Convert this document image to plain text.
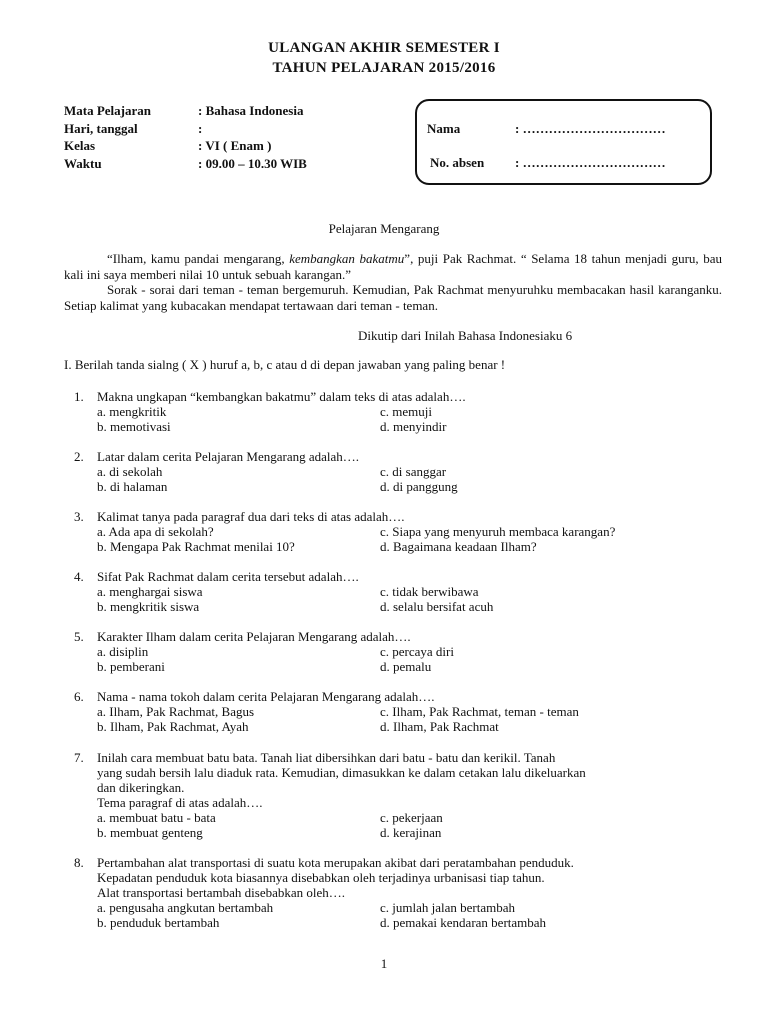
ULANGAN AKHIR SEMESTER I
TAHUN PELAJARAN 2015/2016
Mata Pelajaran	: Bahasa Indonesia
Hari, tanggal	:
Kelas	: VI ( Enam )
Waktu	: 09.00 – 10.30 WIB
Nama	: ……………………………
No. absen	: ……………………………
Pelajaran Mengarang

“Ilham, kamu pandai mengarang, kembangkan bakatmu”, puji Pak Rachmat. “ Selama 18 tahun menjadi guru, bau kali ini saya memberi nilai 10 untuk sebuah karangan.”

Sorak - sorai dari teman - teman bergemuruh. Kemudian, Pak Rachmat menyuruhku membacakan hasil karanganku. Setiap kalimat yang kubacakan mendapat tertawaan dari teman - teman.

Dikutip dari Inilah Bahasa Indonesiaku 6
I. Berilah tanda sialng ( X ) huruf a, b, c atau d di depan jawaban yang paling benar !
1. Makna ungkapan “kembangkan bakatmu” dalam teks di atas adalah….
a. mengkritik	c. memuji
b. memotivasi	d. menyindir
2. Latar dalam cerita Pelajaran Mengarang adalah….
a. di sekolah	c. di sanggar
b. di halaman	d. di panggung
3. Kalimat tanya pada paragraf dua dari teks di atas adalah….
a. Ada apa di sekolah?	c. Siapa yang menyuruh membaca karangan?
b. Mengapa Pak Rachmat menilai 10?	d. Bagaimana keadaan Ilham?
4. Sifat Pak Rachmat dalam cerita tersebut adalah….
a. menghargai siswa	c. tidak berwibawa
b. mengkritik siswa	d. selalu bersifat acuh
5. Karakter Ilham dalam cerita Pelajaran Mengarang adalah….
a. disiplin	c. percaya diri
b. pemberani	d. pemalu
6. Nama - nama tokoh dalam cerita Pelajaran Mengarang adalah….
a. Ilham, Pak Rachmat, Bagus	c. Ilham, Pak Rachmat, teman - teman
b. Ilham, Pak Rachmat, Ayah	d. Ilham, Pak Rachmat
7. Inilah cara membuat batu bata. Tanah liat dibersihkan dari batu - batu dan kerikil. Tanah
yang sudah bersih lalu diaduk rata. Kemudian, dimasukkan ke dalam cetakan lalu dikeluarkan
dan dikeringkan.
Tema paragraf di atas adalah….
a. membuat batu - bata	c. pekerjaan
b. membuat genteng	d. kerajinan
8. Pertambahan alat transportasi di suatu kota merupakan akibat dari peratambahan penduduk.
Kepadatan penduduk kota biasannya disebabkan oleh terjadinya urbanisasi tiap tahun.
Alat transportasi bertambah disebabkan oleh….
a. pengusaha angkutan bertambah	c. jumlah jalan bertambah
b. penduduk bertambah	d. pemakai kendaran bertambah
1
